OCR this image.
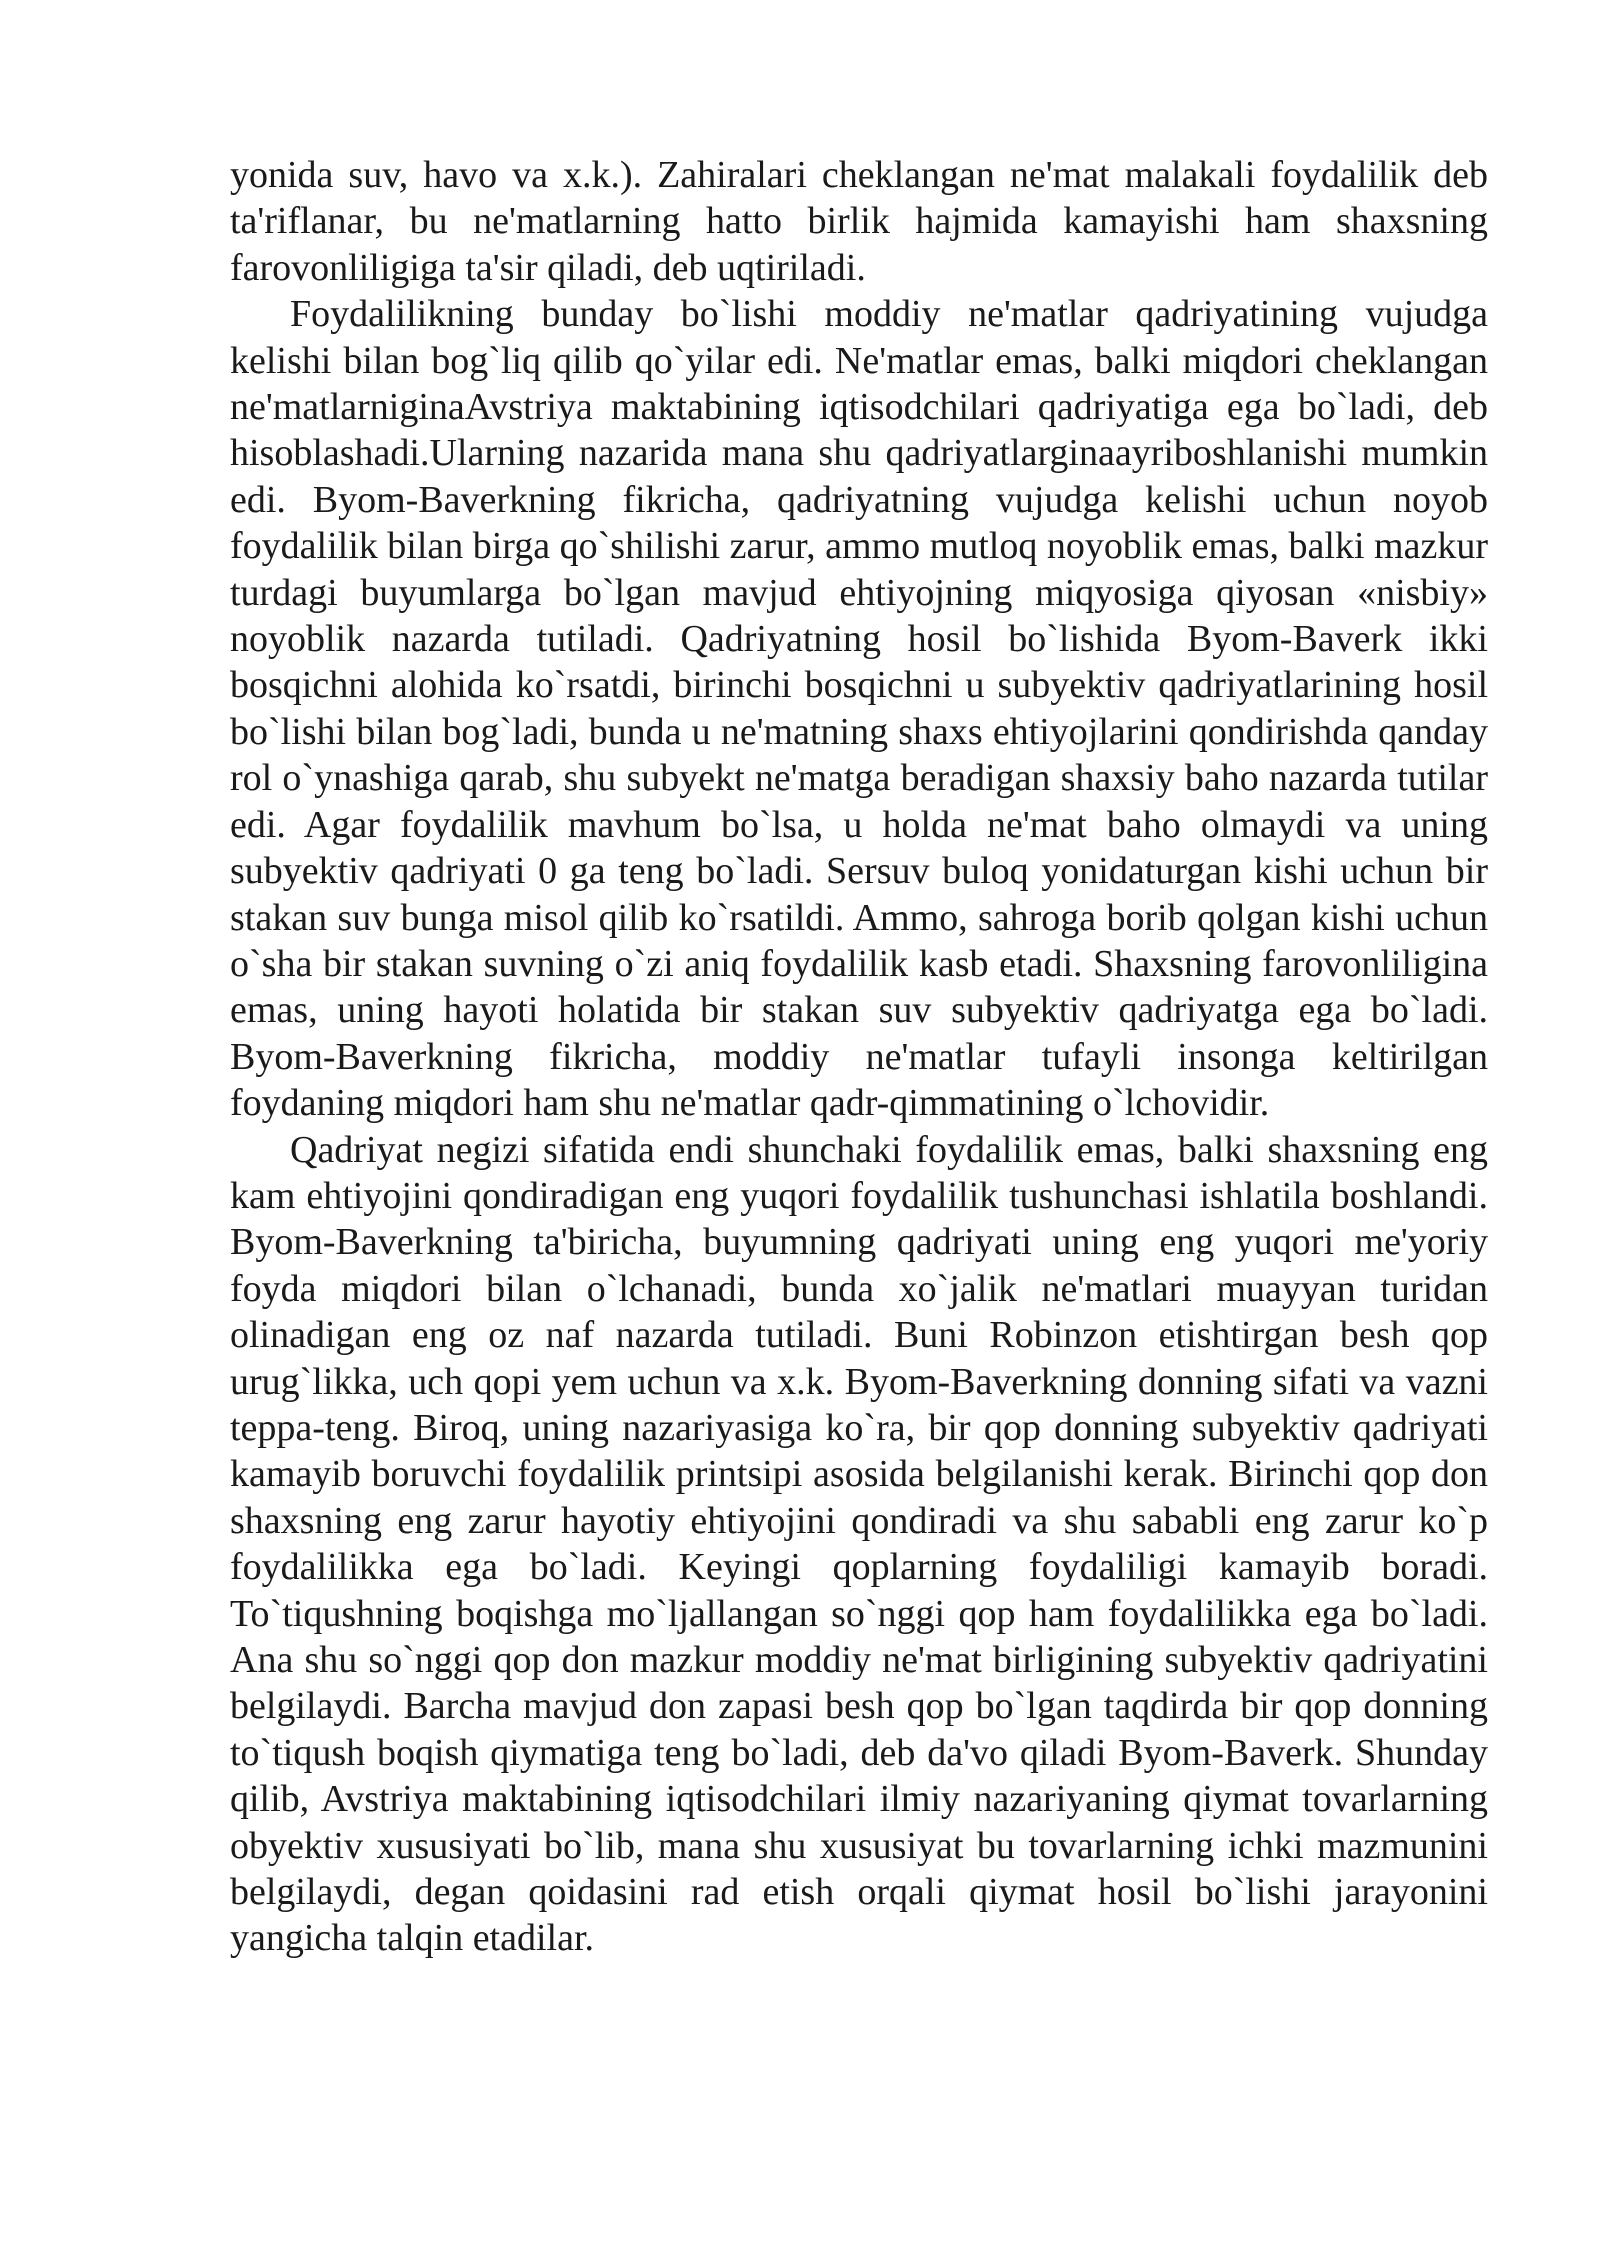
yonida suv, havo va x.k.). Zahiralari cheklangan ne'mat malakali foydalilik deb ta'riflanar, bu ne'matlarning hatto birlik hajmida kamayishi ham shaxsning farovonliligiga ta'sir qiladi, deb uqtiriladi.

Foydalilikning bunday bo`lishi moddiy ne'matlar qadriyatining vujudga kelishi bilan bog`liq qilib qo`yilar edi. Ne'matlar emas, balki miqdori cheklangan ne'matlarniginaAvstriya maktabining iqtisodchilari qadriyatiga ega bo`ladi, deb hisoblashadi.Ularning nazarida mana shu qadriyatlarginaayriboshlanishi mumkin edi. Byom-Baverkning fikricha, qadriyatning vujudga kelishi uchun noyob foydalilik bilan birga qo`shilishi zarur, ammo mutloq noyoblik emas, balki mazkur turdagi buyumlarga bo`lgan mavjud ehtiyojning miqyosiga qiyosan «nisbiy» noyoblik nazarda tutiladi. Qadriyatning hosil bo`lishida Byom-Baverk ikki bosqichni alohida ko`rsatdi, birinchi bosqichni u subyektiv qadriyatlarining hosil bo`lishi bilan bog`ladi, bunda u ne'matning shaxs ehtiyojlarini qondirishda qanday rol o`ynashiga qarab, shu subyekt ne'matga beradigan shaxsiy baho nazarda tutilar edi. Agar foydalilik mavhum bo`lsa, u holda ne'mat baho olmaydi va uning subyektiv qadriyati 0 ga teng bo`ladi. Sersuv buloq yonidaturgan kishi uchun bir stakan suv bunga misol qilib ko`rsatildi. Ammo, sahroga borib qolgan kishi uchun o`sha bir stakan suvning o`zi aniq foydalilik kasb etadi. Shaxsning farovonliligina emas, uning hayoti holatida bir stakan suv subyektiv qadriyatga ega bo`ladi. Byom-Baverkning fikricha, moddiy ne'matlar tufayli insonga keltirilgan foydaning miqdori ham shu ne'matlar qadr-qimmatining o`lchovidir.

Qadriyat negizi sifatida endi shunchaki foydalilik emas, balki shaxsning eng kam ehtiyojini qondiradigan eng yuqori foydalilik tushunchasi ishlatila boshlandi. Byom-Baverkning ta'biricha, buyumning qadriyati uning eng yuqori me'yoriy foyda miqdori bilan o`lchanadi, bunda xo`jalik ne'matlari muayyan turidan olinadigan eng oz naf nazarda tutiladi. Buni Robinzon etishtirgan besh qop urug`likka, uch qopi yem uchun va x.k. Byom-Baverkning donning sifati va vazni teppa-teng. Biroq, uning nazariyasiga ko`ra, bir qop donning subyektiv qadriyati kamayib boruvchi foydalilik printsipi asosida belgilanishi kerak. Birinchi qop don shaxsning eng zarur hayotiy ehtiyojini qondiradi va shu sababli eng zarur ko`p foydalilikka ega bo`ladi. Keyingi qoplarning foydaliligi kamayib boradi. To`tiqushning boqishga mo`ljallangan so`nggi qop ham foydalilikka ega bo`ladi. Ana shu so`nggi qop don mazkur moddiy ne'mat birligining subyektiv qadriyatini belgilaydi. Barcha mavjud don zapasi besh qop bo`lgan taqdirda bir qop donning to`tiqush boqish qiymatiga teng bo`ladi, deb da'vo qiladi Byom-Baverk. Shunday qilib, Avstriya maktabining iqtisodchilari ilmiy nazariyaning qiymat tovarlarning obyektiv xususiyati bo`lib, mana shu xususiyat bu tovarlarning ichki mazmunini belgilaydi, degan qoidasini rad etish orqali qiymat hosil bo`lishi jarayonini yangicha talqin etadilar.
